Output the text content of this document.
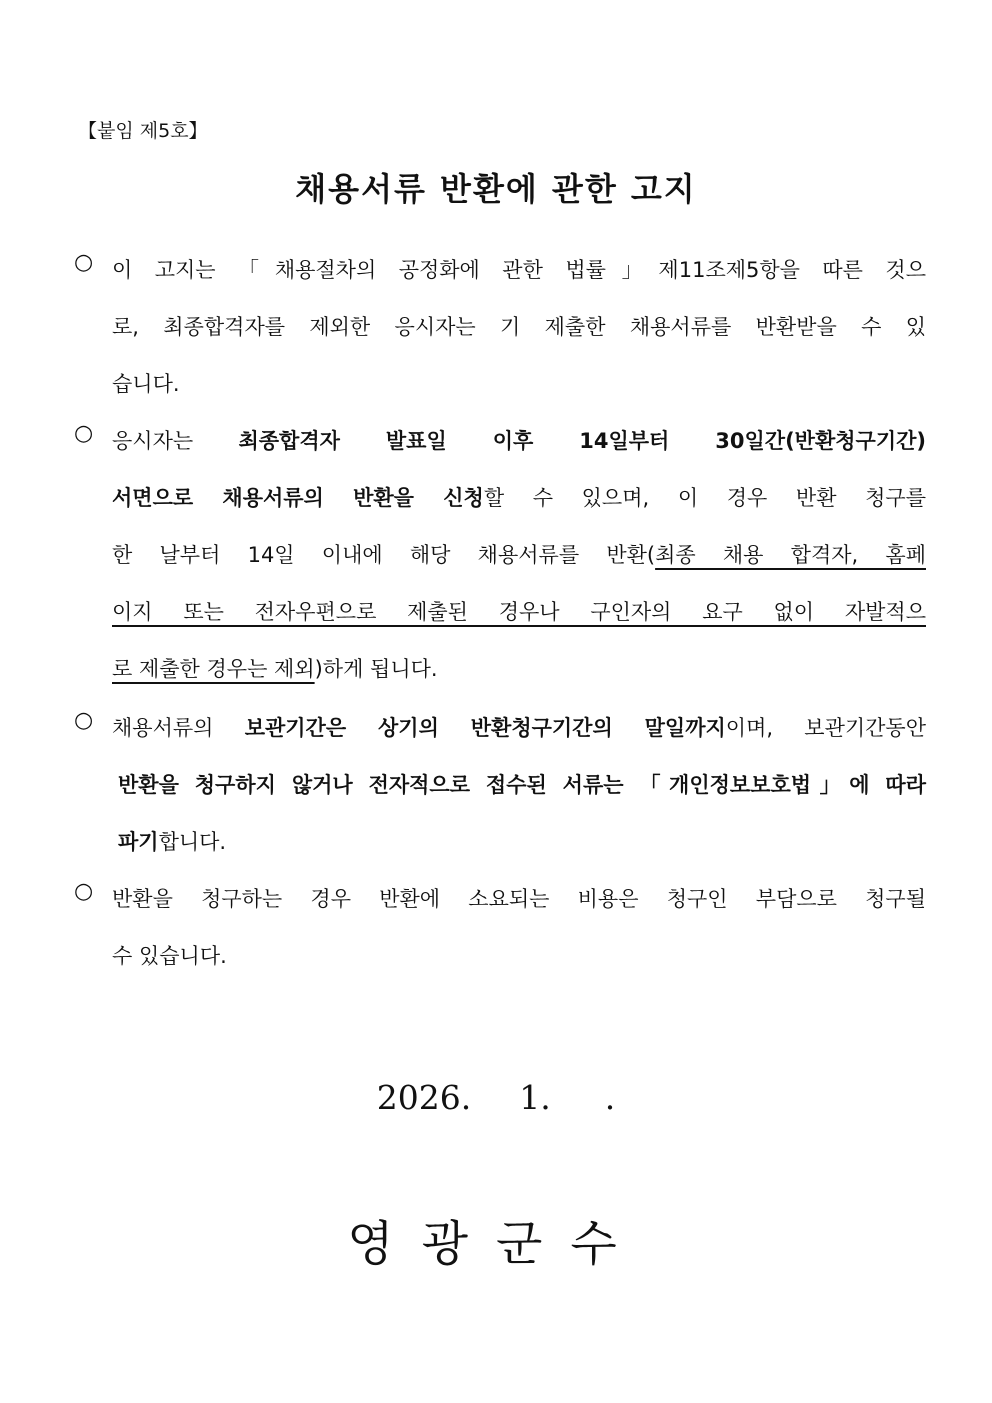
【붙임 제5호】
채용서류 반환에 관한 고지
○ 이 고지는 「채용절차의 공정화에 관한 법률」제11조제5항을 따른 것으
로, 최종합격자를 제외한 응시자는 기 제출한 채용서류를 반환받을 수 있
습니다.
○ 응시자는 최종합격자 발표일 이후 14일부터 30일간(반환청구기간)
서면으로 채용서류의 반환을 신청할 수 있으며, 이 경우 반환 청구를
한 날부터 14일 이내에 해당 채용서류를 반환(최종 채용 합격자, 홈페
이지 또는 전자우편으로 제출된 경우나 구인자의 요구 없이 자발적으
로 제출한 경우는 제외)하게 됩니다.
○ 채용서류의 보관기간은 상기의 반환청구기간의 말일까지이며, 보관기간동안
반환을 청구하지 않거나 전자적으로 접수된 서류는 「개인정보보호법」에 따라
파기합니다.
○ 반환을 청구하는 경우 반환에 소요되는 비용은 청구인 부담으로 청구될
수 있습니다.
2026. 1. .
영광군수
